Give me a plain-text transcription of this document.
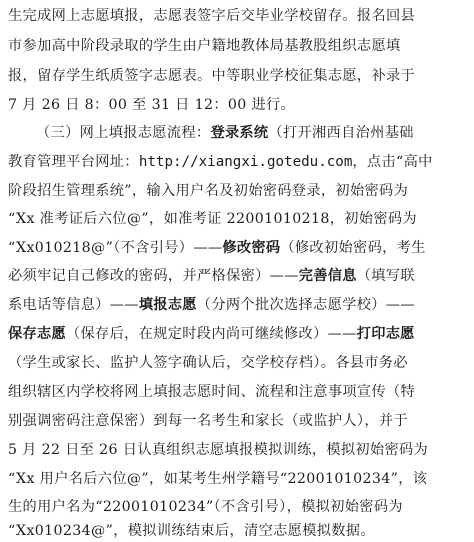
生完成网上志愿填报，志愿表签字后交毕业学校留存。报名回县
市参加高中阶段录取的学生由户籍地教体局基教股组织志愿填
报，留存学生纸质签字志愿表。中等职业学校征集志愿，补录于
7 月 26 日 8：00 至 31 日 12：00 进行。
（三）网上填报志愿流程：登录系统（打开湘西自治州基础
教育管理平台网址：http://xiangxi.gotedu.com，点击“高中
阶段招生管理系统”，输入用户名及初始密码登录，初始密码为
“Xx 准考证后六位@”，如准考证 22001010218，初始密码为
“Xx010218@”（不含引号）——修改密码（修改初始密码，考生
必须牢记自己修改的密码，并严格保密）——完善信息（填写联
系电话等信息）——填报志愿（分两个批次选择志愿学校）——
保存志愿（保存后，在规定时段内尚可继续修改）——打印志愿
（学生或家长、监护人签字确认后，交学校存档）。各县市务必
组织辖区内学校将网上填报志愿时间、流程和注意事项宣传（特
别强调密码注意保密）到每一名考生和家长（或监护人），并于
5 月 22 日至 26 日认真组织志愿填报模拟训练，模拟初始密码为
“Xx 用户名后六位@”，如某考生州学籍号“22001010234”，该
生的用户名为“22001010234”（不含引号），模拟初始密码为
“Xx010234@”，模拟训练结束后，清空志愿模拟数据。
